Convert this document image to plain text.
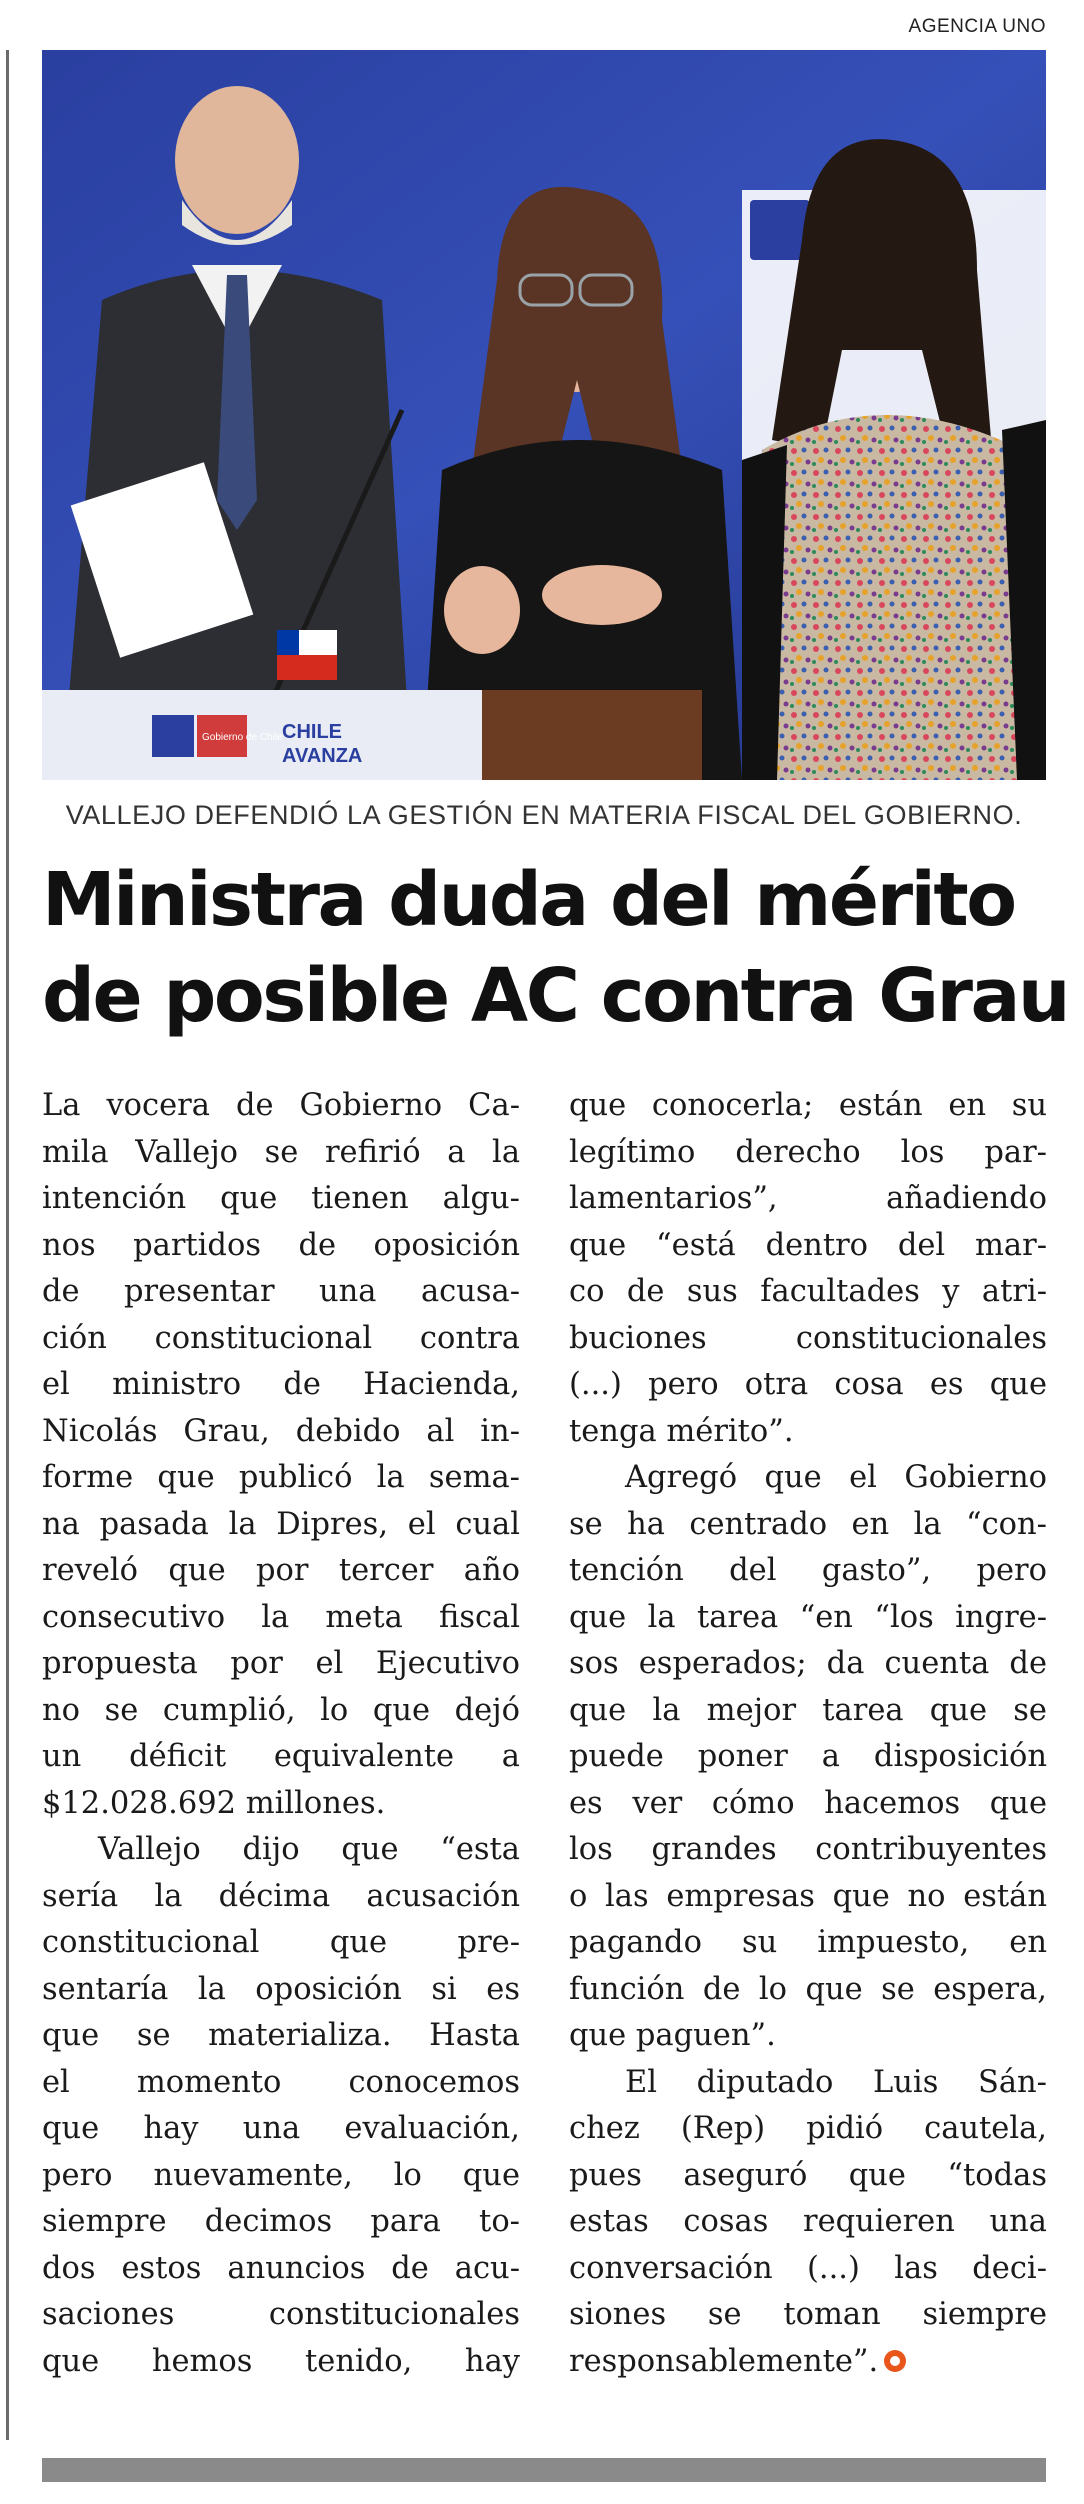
AGENCIA UNO
Gobierno de Chile CHILE
AVANZA
VALLEJO DEFENDIÓ LA GESTIÓN EN MATERIA FISCAL DEL GOBIERNO.
Ministra duda del mérito
de posible AC contra Grau
La vocera de Gobierno Ca-
mila Vallejo se refirió a la
intención que tienen algu-
nos partidos de oposición
de presentar una acusa-
ción constitucional contra
el ministro de Hacienda,
Nicolás Grau, debido al in-
forme que publicó la sema-
na pasada la Dipres, el cual
reveló que por tercer año
consecutivo la meta fiscal
propuesta por el Ejecutivo
no se cumplió, lo que dejó
un déficit equivalente a
$12.028.692 millones.
Vallejo dijo que “esta
sería la décima acusación
constitucional que pre-
sentaría la oposición si es
que se materializa. Hasta
el momento conocemos
que hay una evaluación,
pero nuevamente, lo que
siempre decimos para to-
dos estos anuncios de acu-
saciones constitucionales
que hemos tenido, hay
que conocerla; están en su
legítimo derecho los par-
lamentarios”, añadiendo
que “está dentro del mar-
co de sus facultades y atri-
buciones constitucionales
(...) pero otra cosa es que
tenga mérito”.
Agregó que el Gobierno
se ha centrado en la “con-
tención del gasto”, pero
que la tarea “en “los ingre-
sos esperados; da cuenta de
que la mejor tarea que se
puede poner a disposición
es ver cómo hacemos que
los grandes contribuyentes
o las empresas que no están
pagando su impuesto, en
función de lo que se espera,
que paguen”.
El diputado Luis Sán-
chez (Rep) pidió cautela,
pues aseguró que “todas
estas cosas requieren una
conversación (...) las deci-
siones se toman siempre
responsablemente”.
